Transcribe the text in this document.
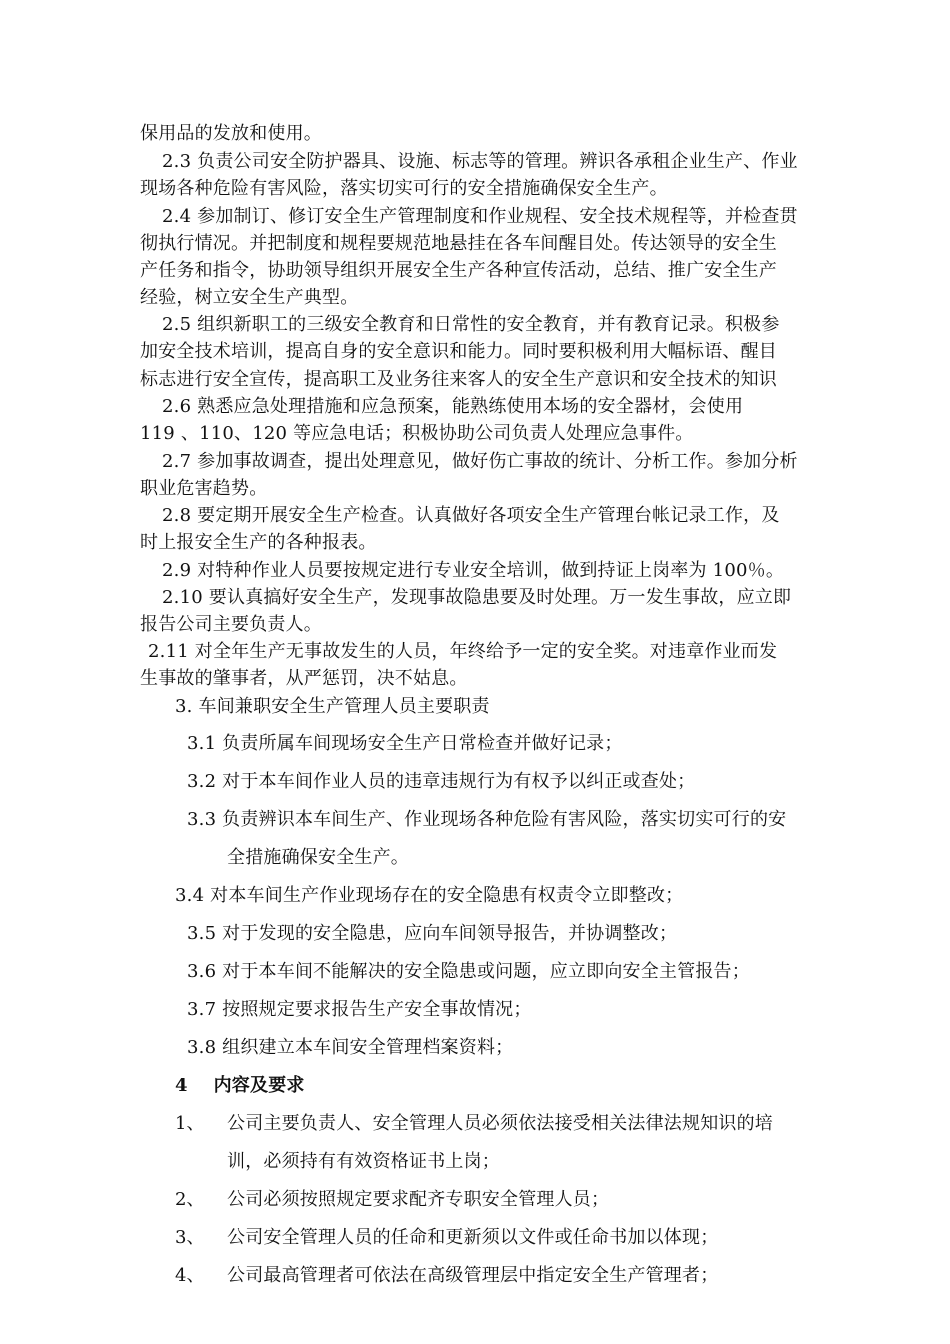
保用品的发放和使用。
2.3 负责公司安全防护器具、设施、标志等的管理。辨识各承租企业生产、作业
现场各种危险有害风险，落实切实可行的安全措施确保安全生产。
2.4 参加制订、修订安全生产管理制度和作业规程、安全技术规程等，并检查贯
彻执行情况。并把制度和规程要规范地悬挂在各车间醒目处。传达领导的安全生
产任务和指令，协助领导组织开展安全生产各种宣传活动，总结、推广安全生产
经验，树立安全生产典型。
2.5 组织新职工的三级安全教育和日常性的安全教育，并有教育记录。积极参
加安全技术培训，提高自身的安全意识和能力。同时要积极利用大幅标语、醒目
标志进行安全宣传，提高职工及业务往来客人的安全生产意识和安全技术的知识
2.6 熟悉应急处理措施和应急预案，能熟练使用本场的安全器材，会使用
119 、110、120 等应急电话；积极协助公司负责人处理应急事件。
2.7 参加事故调查，提出处理意见，做好伤亡事故的统计、分析工作。参加分析
职业危害趋势。
2.8 要定期开展安全生产检查。认真做好各项安全生产管理台帐记录工作，及
时上报安全生产的各种报表。
2.9 对特种作业人员要按规定进行专业安全培训，做到持证上岗率为 100％。
2.10 要认真搞好安全生产，发现事故隐患要及时处理。万一发生事故，应立即
报告公司主要负责人。
2.11 对全年生产无事故发生的人员，年终给予一定的安全奖。对违章作业而发
生事故的肇事者，从严惩罚，决不姑息。
3. 车间兼职安全生产管理人员主要职责
3.1 负责所属车间现场安全生产日常检查并做好记录；
3.2 对于本车间作业人员的违章违规行为有权予以纠正或查处；
3.3 负责辨识本车间生产、作业现场各种危险有害风险，落实切实可行的安
全措施确保安全生产。
3.4 对本车间生产作业现场存在的安全隐患有权责令立即整改；
3.5 对于发现的安全隐患，应向车间领导报告，并协调整改；
3.6 对于本车间不能解决的安全隐患或问题，应立即向安全主管报告；
3.7 按照规定要求报告生产安全事故情况；
3.8 组织建立本车间安全管理档案资料；
4    内容及要求
1、 公司主要负责人、安全管理人员必须依法接受相关法律法规知识的培
训，必须持有有效资格证书上岗；
2、 公司必须按照规定要求配齐专职安全管理人员；
3、 公司安全管理人员的任命和更新须以文件或任命书加以体现；
4、 公司最高管理者可依法在高级管理层中指定安全生产管理者；
